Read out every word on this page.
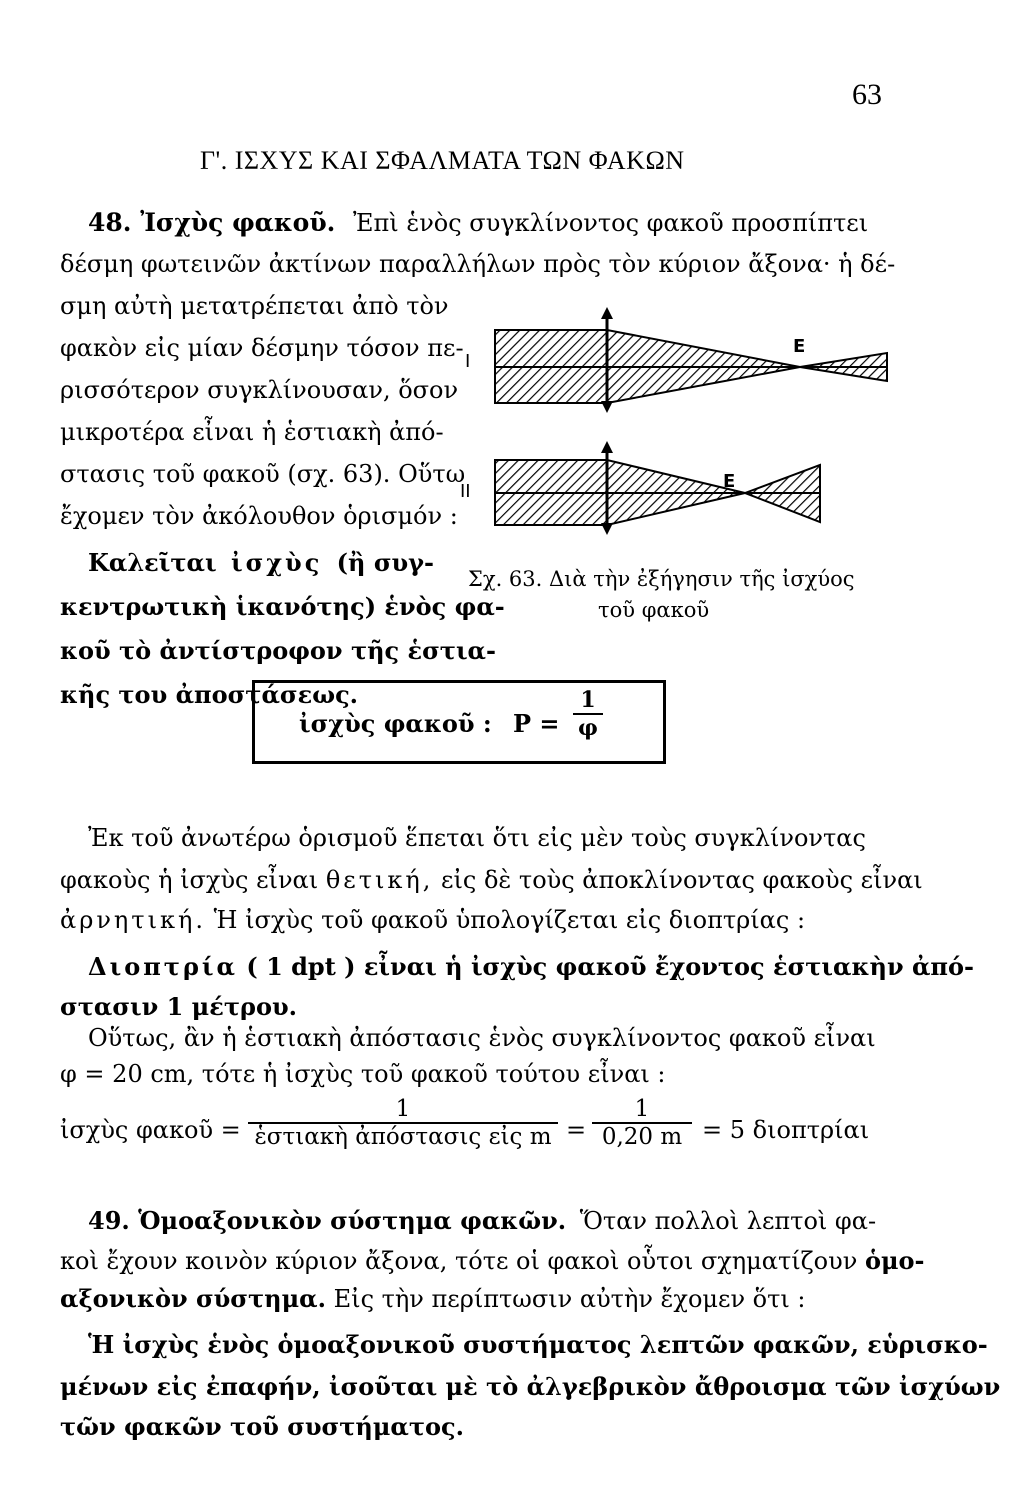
63
Γ'. ΙΣΧΥΣ ΚΑΙ ΣΦΑΛΜΑΤΑ ΤΩΝ ΦΑΚΩΝ
48. Ἰσχὺς φακοῦ. Ἐπὶ ἑνὸς συγκλίνοντος φακοῦ προσπίπτει
δέσμη φωτεινῶν ἀκτίνων παραλλήλων πρὸς τὸν κύριον ἄξονα· ἡ δέ-
σμη αὐτὴ μετατρέπεται ἀπὸ τὸν
φακὸν εἰς μίαν δέσμην τόσον πε-
ρισσότερον συγκλίνουσαν, ὅσον
μικροτέρα εἶναι ἡ ἑστιακὴ ἀπό-
στασις τοῦ φακοῦ (σχ. 63). Οὕτω
ἔχομεν τὸν ἀκόλουθον ὁρισμόν :
Καλεῖται ἰσχὺς (ἢ συγ-
κεντρωτικὴ ἱκανότης) ἑνὸς φα-
κοῦ τὸ ἀντίστροφον τῆς ἑστια-
κῆς του ἀποστάσεως.
I
E
II	E
Σχ. 63. Διὰ τὴν ἐξήγησιν τῆς ἰσχύος
τοῦ φακοῦ
ἰσχὺς φακοῦ : P =
1
φ
Ἐκ τοῦ ἀνωτέρω ὁρισμοῦ ἕπεται ὅτι εἰς μὲν τοὺς συγκλίνοντας
φακοὺς ἡ ἰσχὺς εἶναι θετική, εἰς δὲ τοὺς ἀποκλίνοντας φακοὺς εἶναι
ἀρνητική. Ἡ ἰσχὺς τοῦ φακοῦ ὑπολογίζεται εἰς διοπτρίας :
Διοπτρία ( 1 dpt ) εἶναι ἡ ἰσχὺς φακοῦ ἔχοντος ἑστιακὴν ἀπό-
στασιν 1 μέτρου.
Οὕτως, ἂν ἡ ἑστιακὴ ἀπόστασις ἑνὸς συγκλίνοντος φακοῦ εἶναι
φ = 20 cm, τότε ἡ ἰσχὺς τοῦ φακοῦ τούτου εἶναι :
ἰσχὺς φακοῦ =
1
ἑστιακὴ ἀπόστασις εἰς m =
1
0,20 m = 5 διοπτρίαι
49. Ὁμοαξονικὸν σύστημα φακῶν. Ὅταν πολλοὶ λεπτοὶ φα-
κοὶ ἔχουν κοινὸν κύριον ἄξονα, τότε οἱ φακοὶ οὗτοι σχηματίζουν ὁμο-
αξονικὸν σύστημα. Εἰς τὴν περίπτωσιν αὐτὴν ἔχομεν ὅτι :
Ἡ ἰσχὺς ἑνὸς ὁμοαξονικοῦ συστήματος λεπτῶν φακῶν, εὑρισκο-
μένων εἰς ἐπαφήν, ἰσοῦται μὲ τὸ ἀλγεβρικὸν ἄθροισμα τῶν ἰσχύων
τῶν φακῶν τοῦ συστήματος.
